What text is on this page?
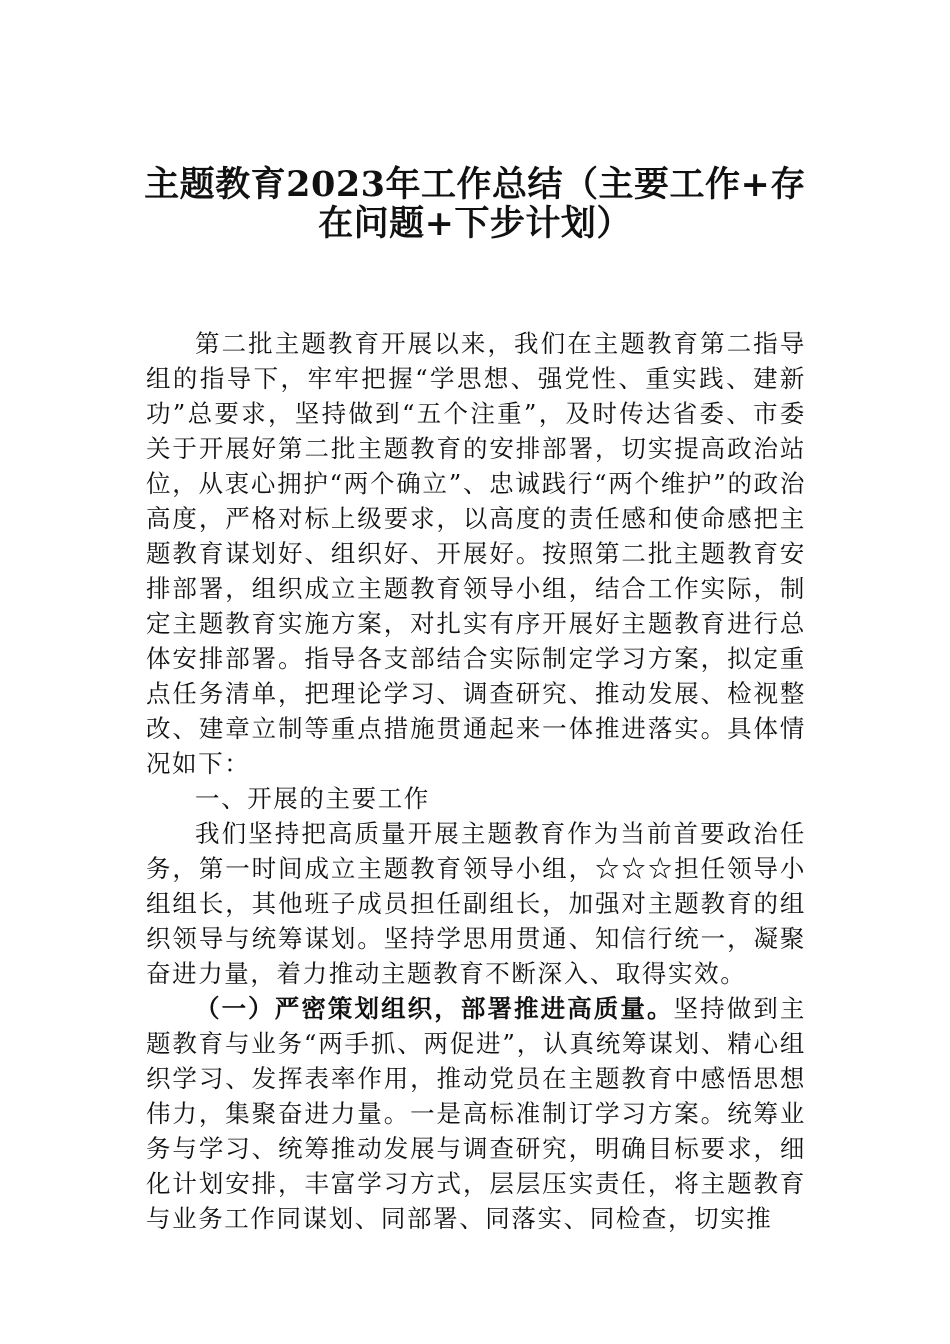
主题教育2023年工作总结（主要工作+存
在问题+下步计划）

第二批主题教育开展以来，我们在主题教育第二指导组的指导下，牢牢把握“学思想、强党性、重实践、建新功”总要求，坚持做到“五个注重”，及时传达省委、市委关于开展好第二批主题教育的安排部署，切实提高政治站位，从衷心拥护“两个确立”、忠诚践行“两个维护”的政治高度，严格对标上级要求，以高度的责任感和使命感把主题教育谋划好、组织好、开展好。按照第二批主题教育安排部署，组织成立主题教育领导小组，结合工作实际，制定主题教育实施方案，对扎实有序开展好主题教育进行总体安排部署。指导各支部结合实际制定学习方案，拟定重点任务清单，把理论学习、调查研究、推动发展、检视整改、建章立制等重点措施贯通起来一体推进落实。具体情况如下：

一、开展的主要工作

我们坚持把高质量开展主题教育作为当前首要政治任务，第一时间成立主题教育领导小组，☆☆☆担任领导小组组长，其他班子成员担任副组长，加强对主题教育的组织领导与统筹谋划。坚持学思用贯通、知信行统一，凝聚奋进力量，着力推动主题教育不断深入、取得实效。

（一）严密策划组织，部署推进高质量。坚持做到主题教育与业务“两手抓、两促进”，认真统筹谋划、精心组织学习、发挥表率作用，推动党员在主题教育中感悟思想伟力，集聚奋进力量。一是高标准制订学习方案。统筹业务与学习、统筹推动发展与调查研究，明确目标要求，细化计划安排，丰富学习方式，层层压实责任，将主题教育与业务工作同谋划、同部署、同落实、同检查，切实推
